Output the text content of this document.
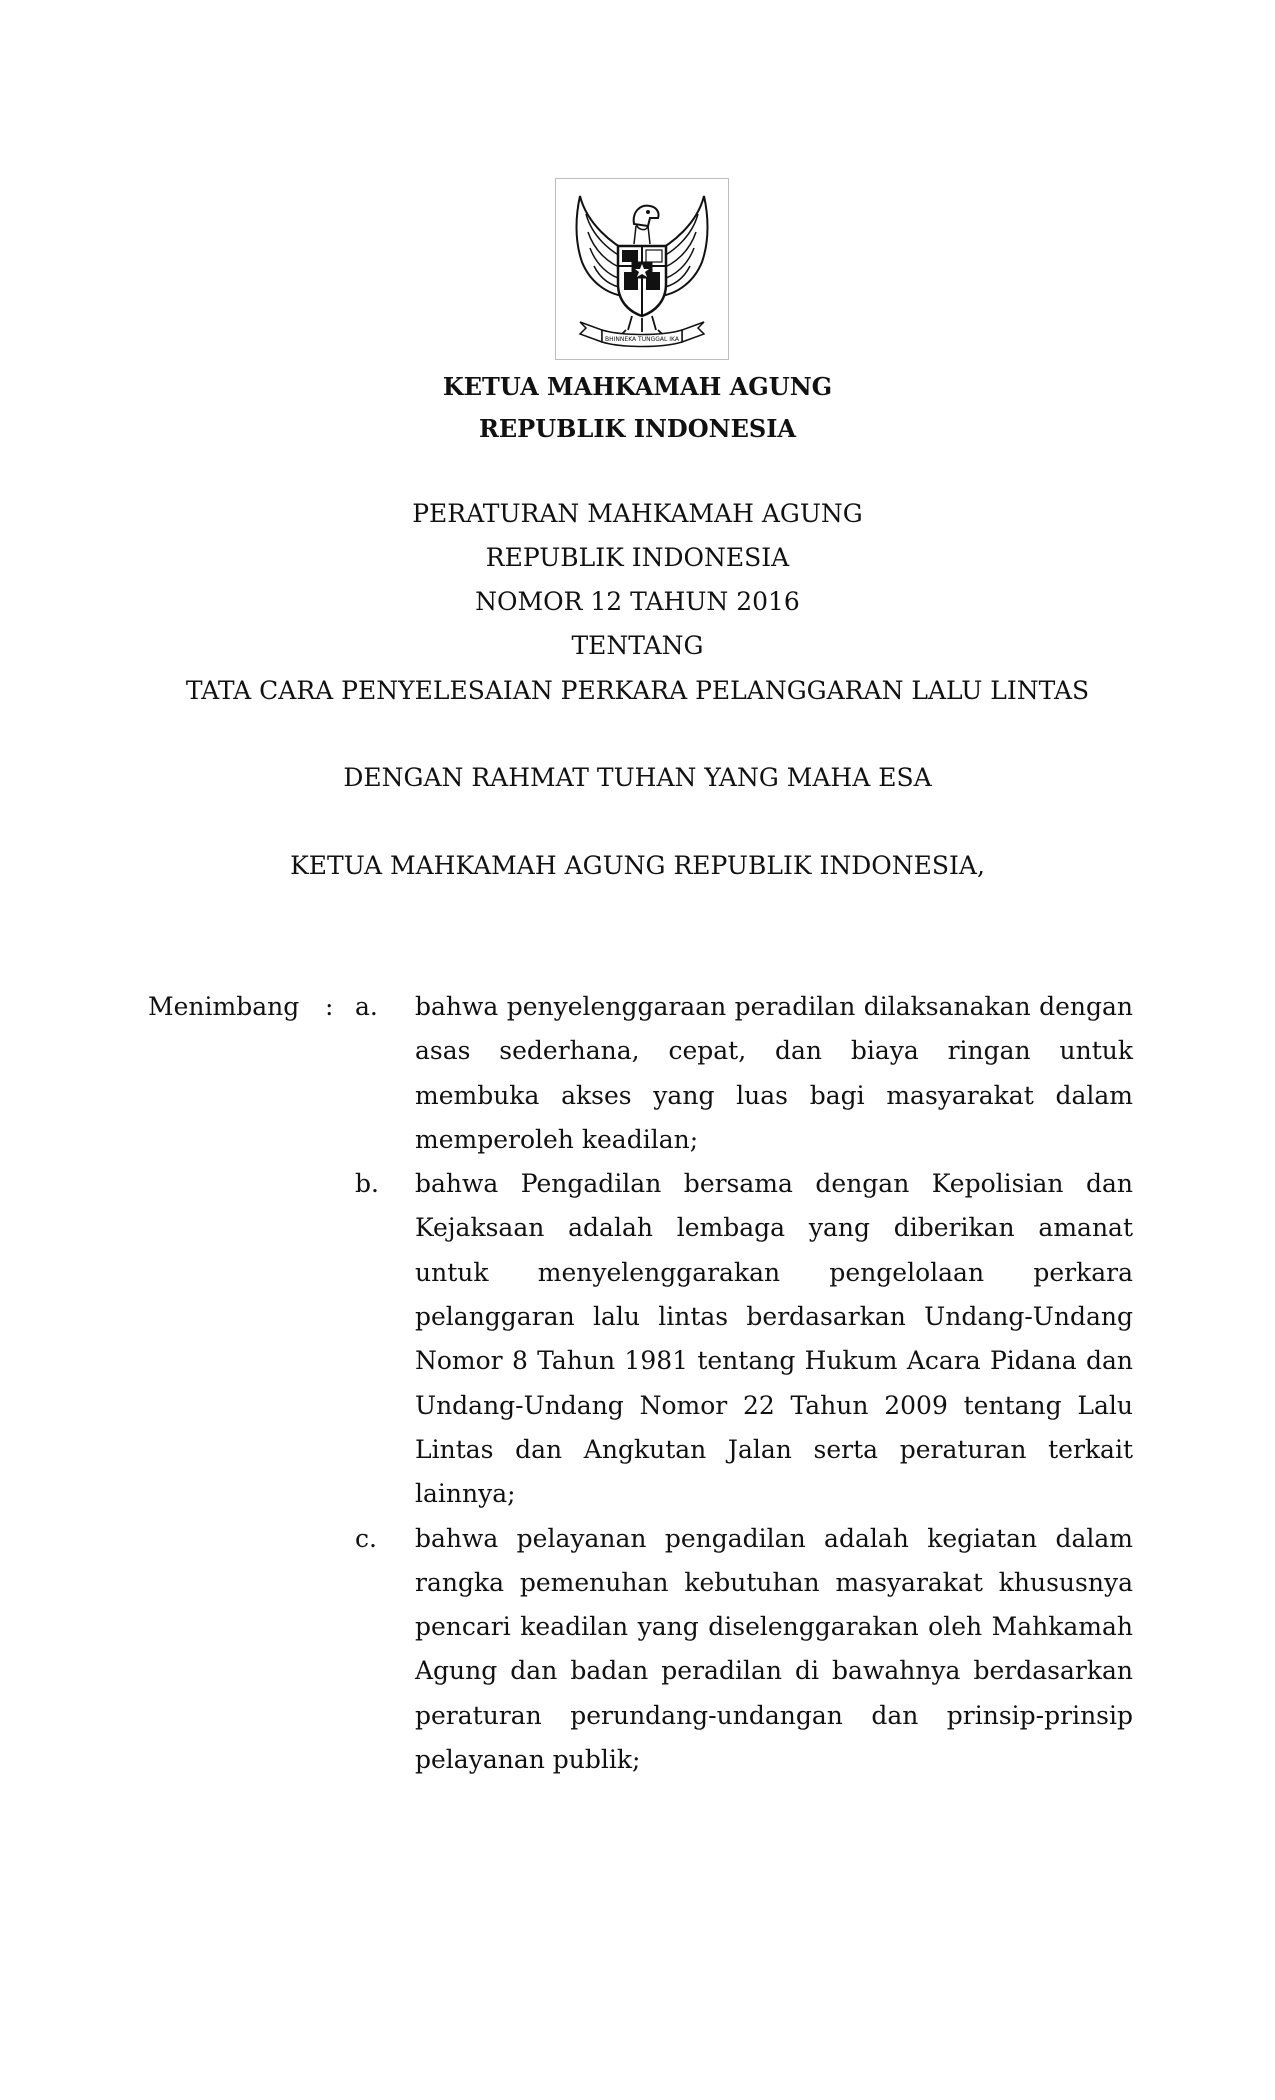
BHINNEKA TUNGGAL IKA
KETUA MAHKAMAH AGUNG
REPUBLIK INDONESIA
PERATURAN MAHKAMAH AGUNG
REPUBLIK INDONESIA
NOMOR 12 TAHUN 2016
TENTANG
TATA CARA PENYELESAIAN PERKARA PELANGGARAN LALU LINTAS
DENGAN RAHMAT TUHAN YANG MAHA ESA
KETUA MAHKAMAH AGUNG REPUBLIK INDONESIA,
Menimbang : a. bahwa penyelenggaraan peradilan dilaksanakan dengan asas sederhana, cepat, dan biaya ringan untuk membuka akses yang luas bagi masyarakat dalam memperoleh keadilan;

b. bahwa Pengadilan bersama dengan Kepolisian dan Kejaksaan adalah lembaga yang diberikan amanat untuk menyelenggarakan pengelolaan perkara pelanggaran lalu lintas berdasarkan Undang-Undang Nomor 8 Tahun 1981 tentang Hukum Acara Pidana dan Undang-Undang Nomor 22 Tahun 2009 tentang Lalu Lintas dan Angkutan Jalan serta peraturan terkait lainnya;

c. bahwa pelayanan pengadilan adalah kegiatan dalam rangka pemenuhan kebutuhan masyarakat khususnya pencari keadilan yang diselenggarakan oleh Mahkamah Agung dan badan peradilan di bawahnya berdasarkan peraturan perundang-undangan dan prinsip-prinsip pelayanan publik;
